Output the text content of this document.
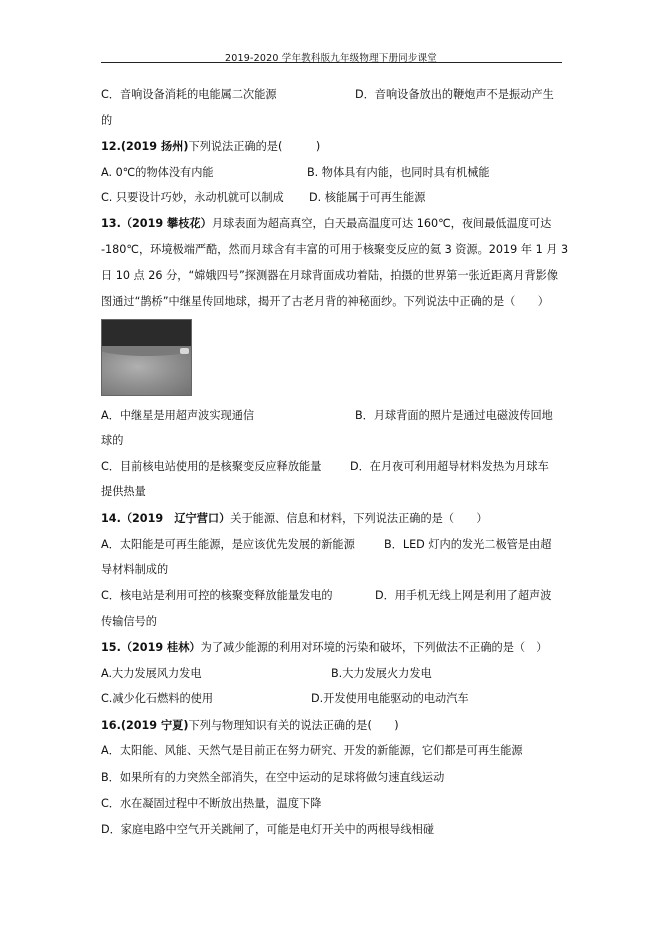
2019-2020 学年教科版九年级物理下册同步课堂
C．音响设备消耗的电能属二次能源	D．音响设备放出的鞭炮声不是振动产生
的
12.(2019 扬州)下列说法正确的是(　　　)
A. 0℃的物体没有内能	B. 物体具有内能，也同时具有机械能
C. 只要设计巧妙，永动机就可以制成 D. 核能属于可再生能源
13.（2019 攀枝花）月球表面为超高真空，白天最高温度可达 160℃，夜间最低温度可达
-180℃，环境极端严酷，然而月球含有丰富的可用于核聚变反应的氦 3 资源。2019 年 1 月 3
日 10 点 26 分，“嫦娥四号”探测器在月球背面成功着陆，拍摄的世界第一张近距离月背影像
图通过“鹊桥”中继星传回地球，揭开了古老月背的神秘面纱。下列说法中正确的是（　　）
A．中继星是用超声波实现通信	B．月球背面的照片是通过电磁波传回地
球的
C．目前核电站使用的是核聚变反应释放能量	D．在月夜可利用超导材料发热为月球车
提供热量
14.（2019　辽宁营口）关于能源、信息和材料，下列说法正确的是（　　）
A．太阳能是可再生能源，是应该优先发展的新能源	B．LED 灯内的发光二极管是由超
导材料制成的
C．核电站是利用可控的核聚变释放能量发电的	D．用手机无线上网是利用了超声波
传输信号的
15.（2019 桂林）为了减少能源的利用对环境的污染和破坏，下列做法不正确的是（　）
A.大力发展风力发电	B.大力发展火力发电
C.减少化石燃料的使用	D.开发使用电能驱动的电动汽车
16.(2019 宁夏)下列与物理知识有关的说法正确的是(　　)
A．太阳能、风能、天然气是目前正在努力研究、开发的新能源，它们都是可再生能源
B．如果所有的力突然全部消失，在空中运动的足球将做匀速直线运动
C．水在凝固过程中不断放出热量，温度下降
D．家庭电路中空气开关跳闸了，可能是电灯开关中的两根导线相碰
